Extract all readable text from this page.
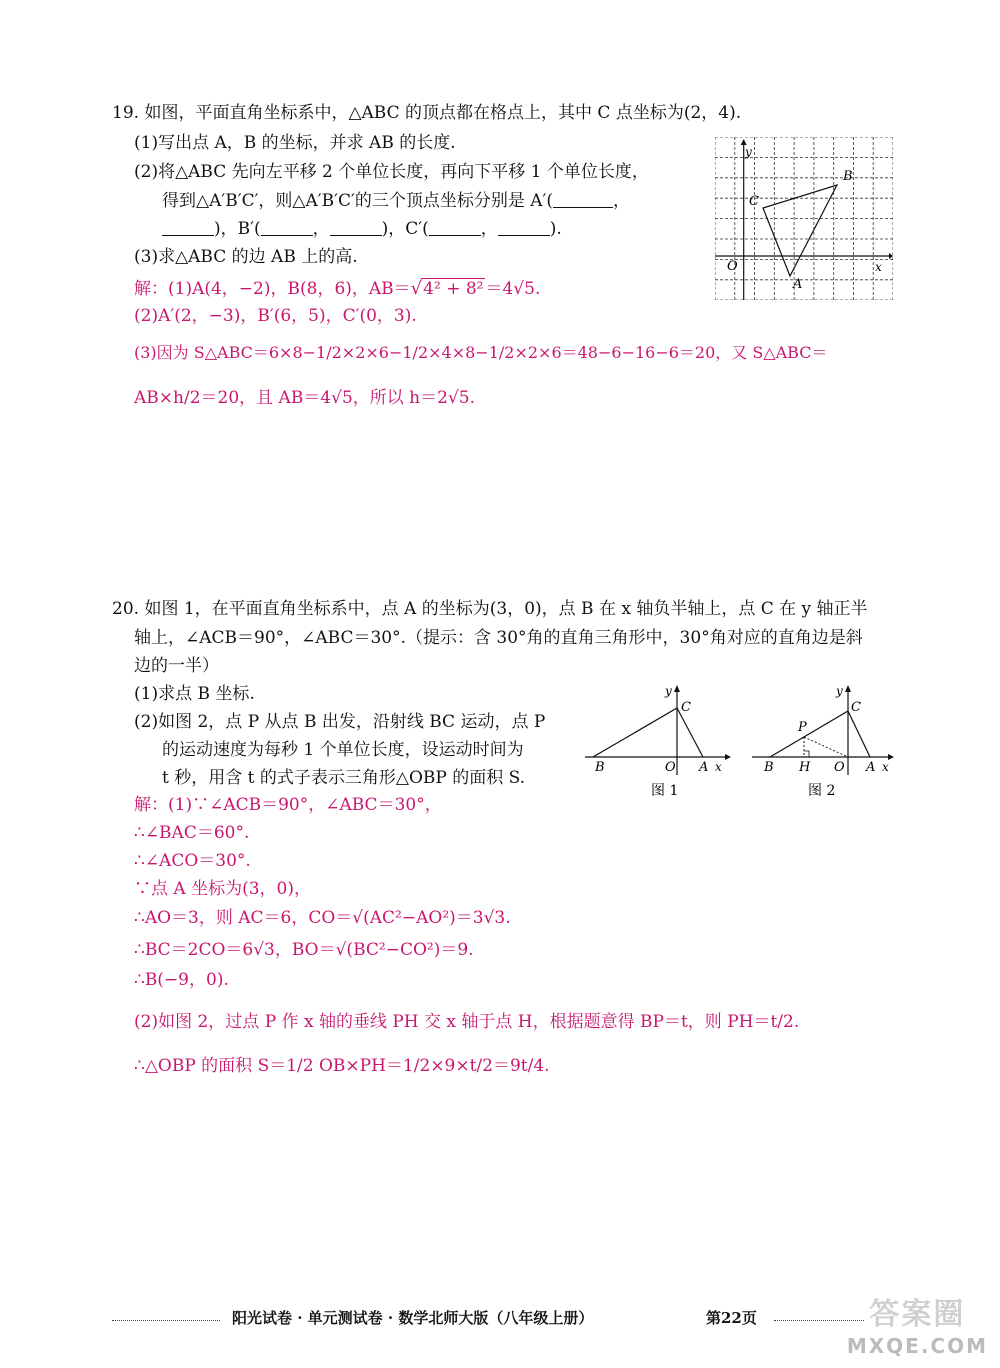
19. 如图，平面直角坐标系中，△ABC 的顶点都在格点上，其中 C 点坐标为(2，4).
(1)写出点 A，B 的坐标，并求 AB 的长度.
(2)将△ABC 先向左平移 2 个单位长度，再向下平移 1 个单位长度，
得到△A′B′C′，则△A′B′C′的三个顶点坐标分别是 A′(	，
)，B′(	，	)，C′(	，	).
(3)求△ABC 的边 AB 上的高.
解：(1)A(4，−2)，B(8，6)，AB＝√4² + 8² ＝4√5.
(2)A′(2，−3)，B′(6，5)，C′(0，3).
(3)因为 S△ABC＝6×8−1/2×2×6−1/2×4×8−1/2×2×6＝48−6−16−6＝20，又 S△ABC＝
AB×h/2＝20，且 AB＝4√5，所以 h＝2√5.
y
x
O
A
B
C
20. 如图 1，在平面直角坐标系中，点 A 的坐标为(3，0)，点 B 在 x 轴负半轴上，点 C 在 y 轴正半
轴上，∠ACB＝90°，∠ABC＝30°.（提示：含 30°角的直角三角形中，30°角对应的直角边是斜
边的一半）
(1)求点 B 坐标.
(2)如图 2，点 P 从点 B 出发，沿射线 BC 运动，点 P
的运动速度为每秒 1 个单位长度，设运动时间为
t 秒，用含 t 的式子表示三角形△OBP 的面积 S.
解：(1)∵∠ACB＝90°，∠ABC＝30°，
∴∠BAC＝60°.
∴∠ACO＝30°.
∵点 A 坐标为(3，0)，
∴AO＝3，则 AC＝6，CO＝√(AC²−AO²)＝3√3.
∴BC＝2CO＝6√3，BO＝√(BC²−CO²)＝9.
∴B(−9，0).
(2)如图 2，过点 P 作 x 轴的垂线 PH 交 x 轴于点 H，根据题意得 BP＝t，则 PH＝t/2.
∴△OBP 的面积 S＝1/2 OB×PH＝1/2×9×t/2＝9t/4.
y
C
B	O A x
图 1
y
C
P
B H O A x
图 2
阳光试卷 · 单元测试卷 · 数学北师大版（八年级上册）	第22页	答案圈
MXQE.COM
